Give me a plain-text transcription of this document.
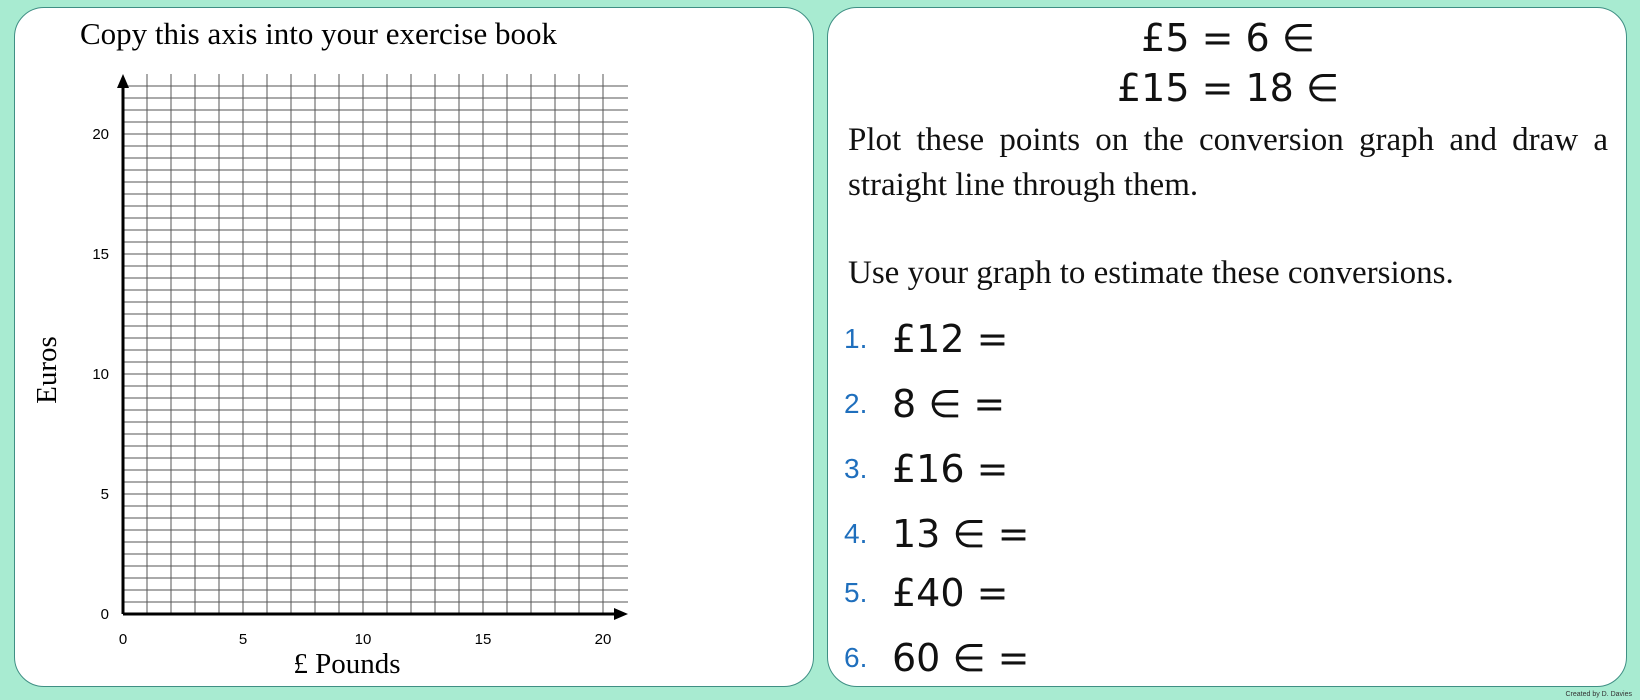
Copy this axis into your exercise book
0	5	10	15	20
0
5
10
15
20
£ Pounds
Euros
£5 = 6 ∈
£15 = 18 ∈
Plot these points on the conversion graph and draw a straight line through them.
Use your graph to estimate these conversions.
1. £12 =
2. 8 ∈ =
3. £16 =
4. 13 ∈ =
5. £40 =
6. 60 ∈ =
Created by D. Davies
